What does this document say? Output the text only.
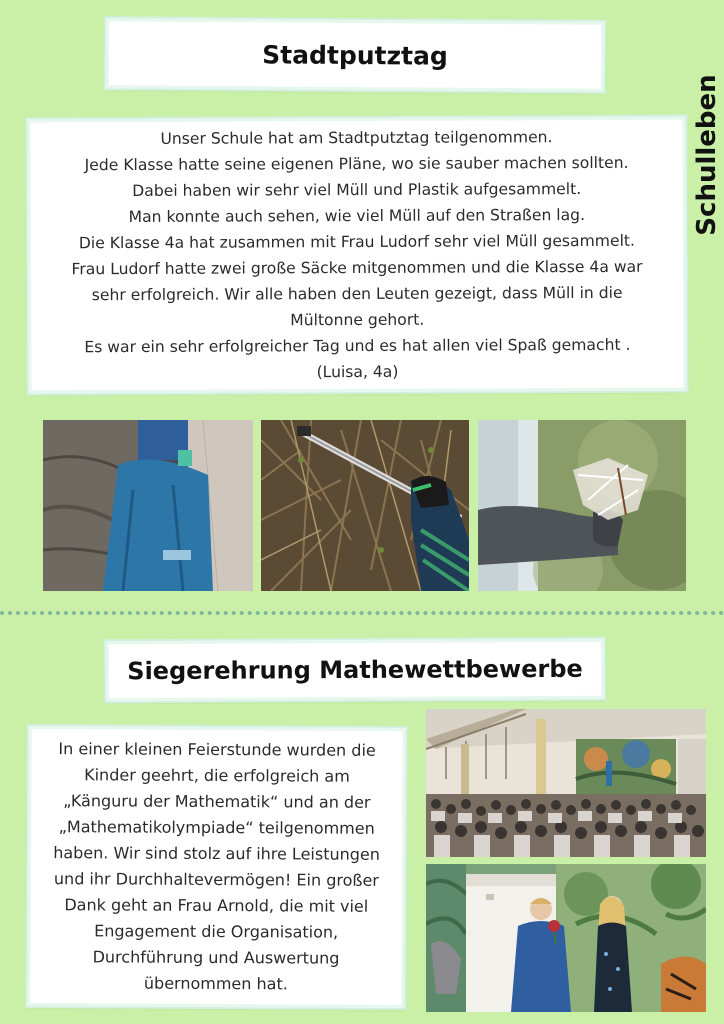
Schulleben
Stadtputztag
Unser Schule hat am Stadtputztag teilgenommen.
Jede Klasse hatte seine eigenen Pläne, wo sie sauber machen sollten.
Dabei haben wir sehr viel Müll und Plastik aufgesammelt.
Man konnte auch sehen, wie viel Müll auf den Straßen lag.
Die Klasse 4a hat zusammen mit Frau Ludorf sehr viel Müll gesammelt.
Frau Ludorf hatte zwei große Säcke mitgenommen und die Klasse 4a war
sehr erfolgreich. Wir alle haben den Leuten gezeigt, dass Müll in die
Mültonne gehort.
Es war ein sehr erfolgreicher Tag und es hat allen viel Spaß gemacht .
(Luisa, 4a)
Siegerehrung Mathewettbewerbe
In einer kleinen Feierstunde wurden die
Kinder geehrt, die erfolgreich am
„Känguru der Mathematik“ und an der
„Mathematikolympiade“ teilgenommen
haben. Wir sind stolz auf ihre Leistungen
und ihr Durchhaltevermögen! Ein großer
Dank geht an Frau Arnold, die mit viel
Engagement die Organisation,
Durchführung und Auswertung
übernommen hat.
